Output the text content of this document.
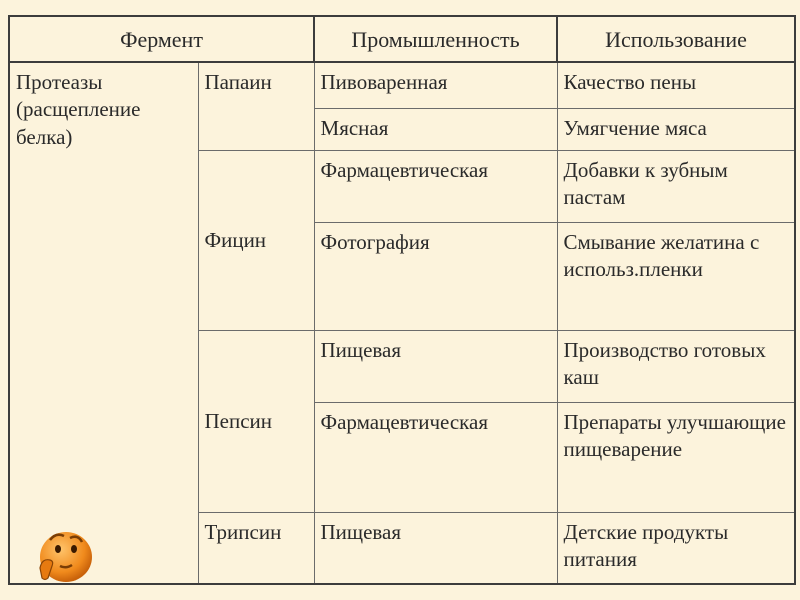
Фермент		Промышленность	Использование
Протеазы (расщепление белка)	Папаин	Пивоваренная	Качество пены
		Мясная	Умягчение мяса
	Фицин	Фармацевтическая	Добавки к зубным пастам
		Фотография	Смывание желатина с использ.пленки
	Пепсин	Пищевая	Производство готовых каш
		Фармацевтическая	Препараты улучшающие пищеварение
	Трипсин	Пищевая	Детские продукты питания
